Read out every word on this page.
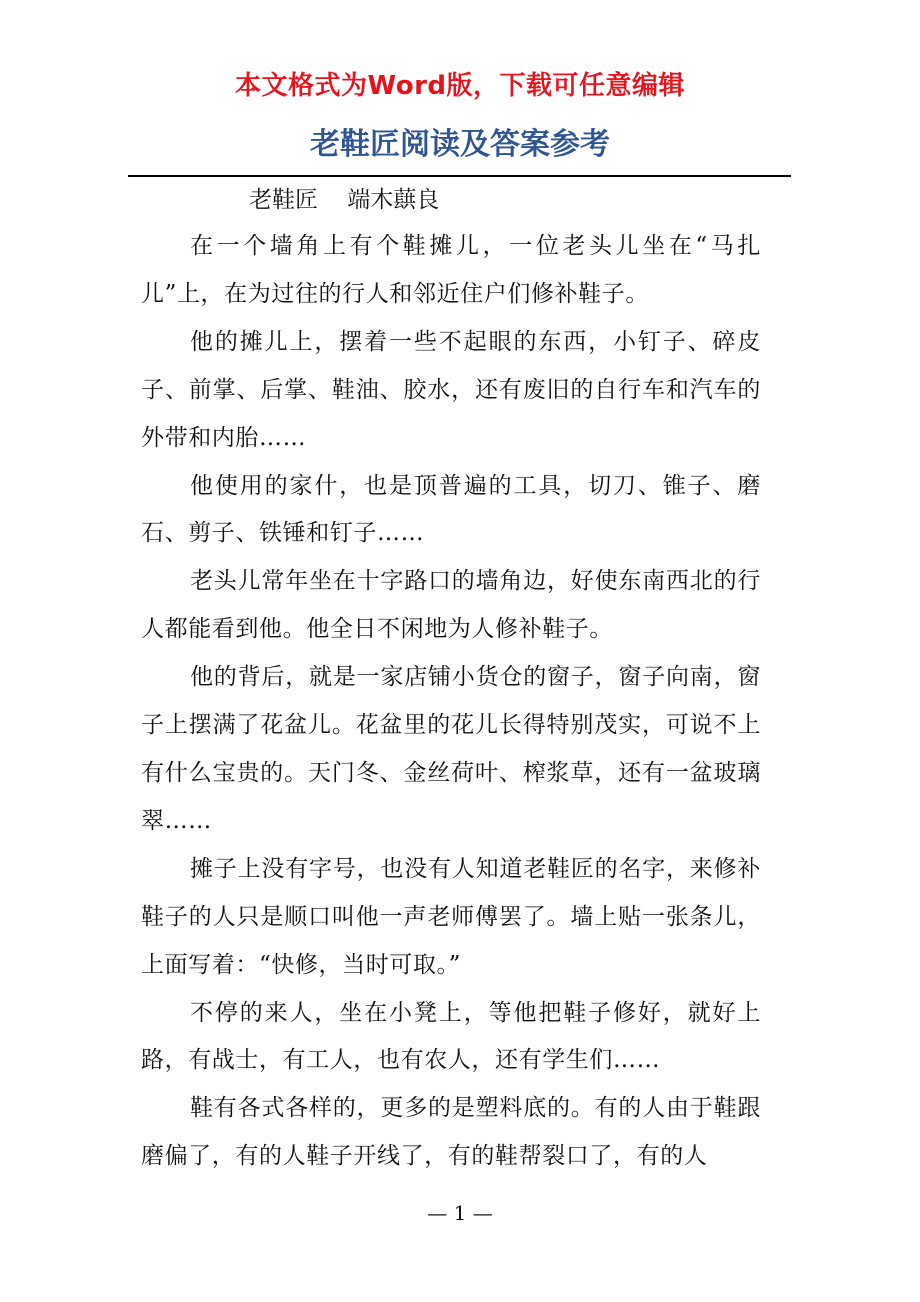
本文格式为Word版，下载可任意编辑
老鞋匠阅读及答案参考

老鞋匠 端木蕻良

在一个墙角上有个鞋摊儿，一位老头儿坐在“马扎儿”上，在为过往的行人和邻近住户们修补鞋子。

他的摊儿上，摆着一些不起眼的东西，小钉子、碎皮子、前掌、后掌、鞋油、胶水，还有废旧的自行车和汽车的外带和内胎……

他使用的家什，也是顶普遍的工具，切刀、锥子、磨石、剪子、铁锤和钉子……

老头儿常年坐在十字路口的墙角边，好使东南西北的行人都能看到他。他全日不闲地为人修补鞋子。

他的背后，就是一家店铺小货仓的窗子，窗子向南，窗子上摆满了花盆儿。花盆里的花儿长得特别茂实，可说不上有什么宝贵的。天门冬、金丝荷叶、榨浆草，还有一盆玻璃翠……

摊子上没有字号，也没有人知道老鞋匠的名字，来修补鞋子的人只是顺口叫他一声老师傅罢了。墙上贴一张条儿，上面写着：“快修，当时可取。”

不停的来人，坐在小凳上，等他把鞋子修好，就好上路，有战士，有工人，也有农人，还有学生们……

鞋有各式各样的，更多的是塑料底的。有的人由于鞋跟磨偏了，有的人鞋子开线了，有的鞋帮裂口了，有的人

— 1 —
